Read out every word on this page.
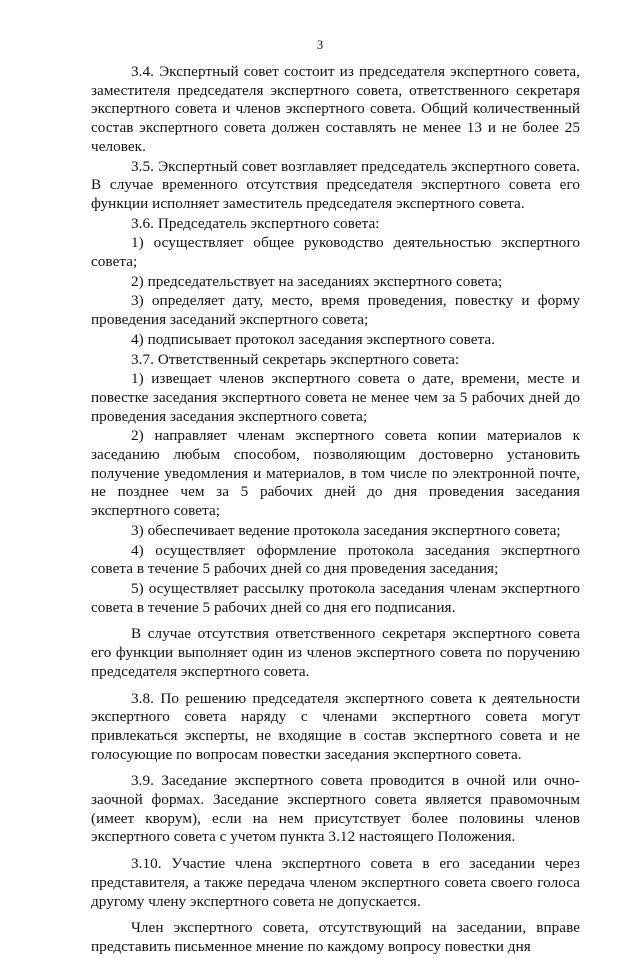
3

3.4. Экспертный совет состоит из председателя экспертного совета, заместителя председателя экспертного совета, ответственного секретаря экспертного совета и членов экспертного совета. Общий количественный состав экспертного совета должен составлять не менее 13 и не более 25 человек.

3.5. Экспертный совет возглавляет председатель экспертного совета. В случае временного отсутствия председателя экспертного совета его функции исполняет заместитель председателя экспертного совета.

3.6. Председатель экспертного совета:

1) осуществляет общее руководство деятельностью экспертного совета;

2) председательствует на заседаниях экспертного совета;

3) определяет дату, место, время проведения, повестку и форму проведения заседаний экспертного совета;

4) подписывает протокол заседания экспертного совета.

3.7. Ответственный секретарь экспертного совета:

1) извещает членов экспертного совета о дате, времени, месте и повестке заседания экспертного совета не менее чем за 5 рабочих дней до проведения заседания экспертного совета;

2) направляет членам экспертного совета копии материалов к заседанию любым способом, позволяющим достоверно установить получение уведомления и материалов, в том числе по электронной почте, не позднее чем за 5 рабочих дней до дня проведения заседания экспертного совета;

3) обеспечивает ведение протокола заседания экспертного совета;

4) осуществляет оформление протокола заседания экспертного совета в течение 5 рабочих дней со дня проведения заседания;

5) осуществляет рассылку протокола заседания членам экспертного совета в течение 5 рабочих дней со дня его подписания.

В случае отсутствия ответственного секретаря экспертного совета его функции выполняет один из членов экспертного совета по поручению председателя экспертного совета.

3.8. По решению председателя экспертного совета к деятельности экспертного совета наряду с членами экспертного совета могут привлекаться эксперты, не входящие в состав экспертного совета и не голосующие по вопросам повестки заседания экспертного совета.

3.9. Заседание экспертного совета проводится в очной или очно-заочной формах. Заседание экспертного совета является правомочным (имеет кворум), если на нем присутствует более половины членов экспертного совета с учетом пункта 3.12 настоящего Положения.

3.10. Участие члена экспертного совета в его заседании через представителя, а также передача членом экспертного совета своего голоса другому члену экспертного совета не допускается.

Член экспертного совета, отсутствующий на заседании, вправе представить письменное мнение по каждому вопросу повестки дня
